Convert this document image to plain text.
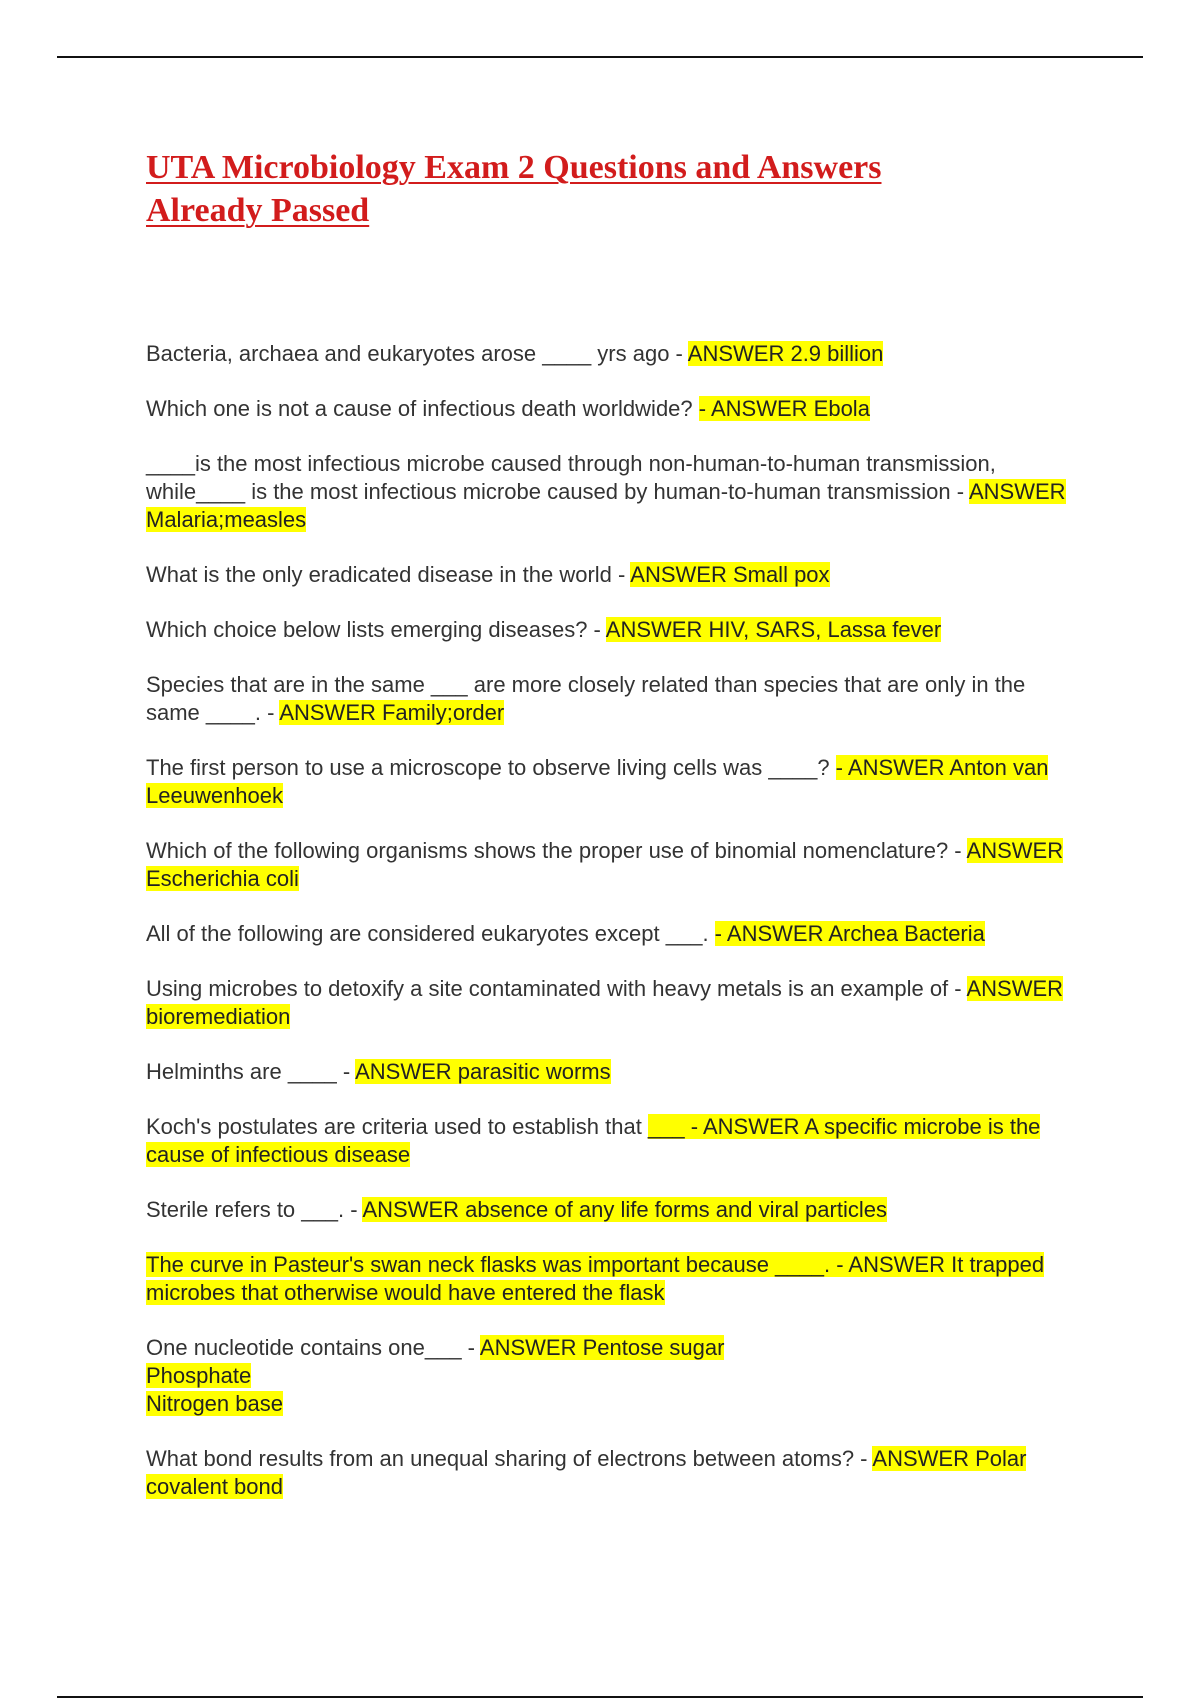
UTA Microbiology Exam 2 Questions and Answers
Already Passed

Bacteria, archaea and eukaryotes arose ____ yrs ago - ANSWER 2.9 billion

Which one is not a cause of infectious death worldwide? - ANSWER Ebola

____is the most infectious microbe caused through non-human-to-human transmission, while____ is the most infectious microbe caused by human-to-human transmission - ANSWER Malaria;measles

What is the only eradicated disease in the world - ANSWER Small pox

Which choice below lists emerging diseases? - ANSWER HIV, SARS, Lassa fever

Species that are in the same ___ are more closely related than species that are only in the same ____. - ANSWER Family;order

The first person to use a microscope to observe living cells was ____? - ANSWER Anton van Leeuwenhoek

Which of the following organisms shows the proper use of binomial nomenclature? - ANSWER Escherichia coli

All of the following are considered eukaryotes except ___. - ANSWER Archea Bacteria

Using microbes to detoxify a site contaminated with heavy metals is an example of - ANSWER bioremediation

Helminths are ____ - ANSWER parasitic worms

Koch's postulates are criteria used to establish that ___ - ANSWER A specific microbe is the cause of infectious disease

Sterile refers to ___. - ANSWER absence of any life forms and viral particles

The curve in Pasteur's swan neck flasks was important because ____. - ANSWER It trapped microbes that otherwise would have entered the flask

One nucleotide contains one___ - ANSWER Pentose sugar
Phosphate
Nitrogen base

What bond results from an unequal sharing of electrons between atoms? - ANSWER Polar covalent bond
